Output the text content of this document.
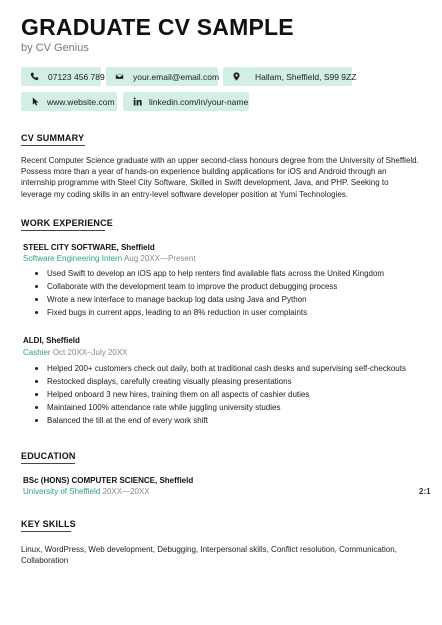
GRADUATE CV SAMPLE
by CV Genius
07123 456 789	your.email@email.com	Hallam, Sheffield, S99 9ZZ
www.website.com	linkedin.com/in/your-name
CV SUMMARY
Recent Computer Science graduate with an upper second-class honours degree from the University of Sheffield. Possess more than a year of hands-on experience building applications for iOS and Android through an internship programme with Steel City Software. Skilled in Swift development, Java, and PHP. Seeking to leverage my coding skills in an entry-level software developer position at Yumi Technologies.
WORK EXPERIENCE
STEEL CITY SOFTWARE, Sheffield
Software Engineering Intern Aug 20XX—Present
Used Swift to develop an iOS app to help renters find available flats across the United Kingdom
Collaborate with the development team to improve the product debugging process
Wrote a new interface to manage backup log data using Java and Python
Fixed bugs in current apps, leading to an 8% reduction in user complaints
ALDI, Sheffield
Cashier Oct 20XX–July 20XX
Helped 200+ customers check out daily, both at traditional cash desks and supervising self-checkouts
Restocked displays, carefully creating visually pleasing presentations
Helped onboard 3 new hires, training them on all aspects of cashier duties
Maintained 100% attendance rate while juggling university studies
Balanced the till at the end of every work shift
EDUCATION
BSc (HONS) COMPUTER SCIENCE, Sheffield
University of Sheffield 20XX—20XX	2:1
KEY SKILLS
Linux, WordPress, Web development, Debugging, Interpersonal skills, Conflict resolution, Communication, Collaboration
